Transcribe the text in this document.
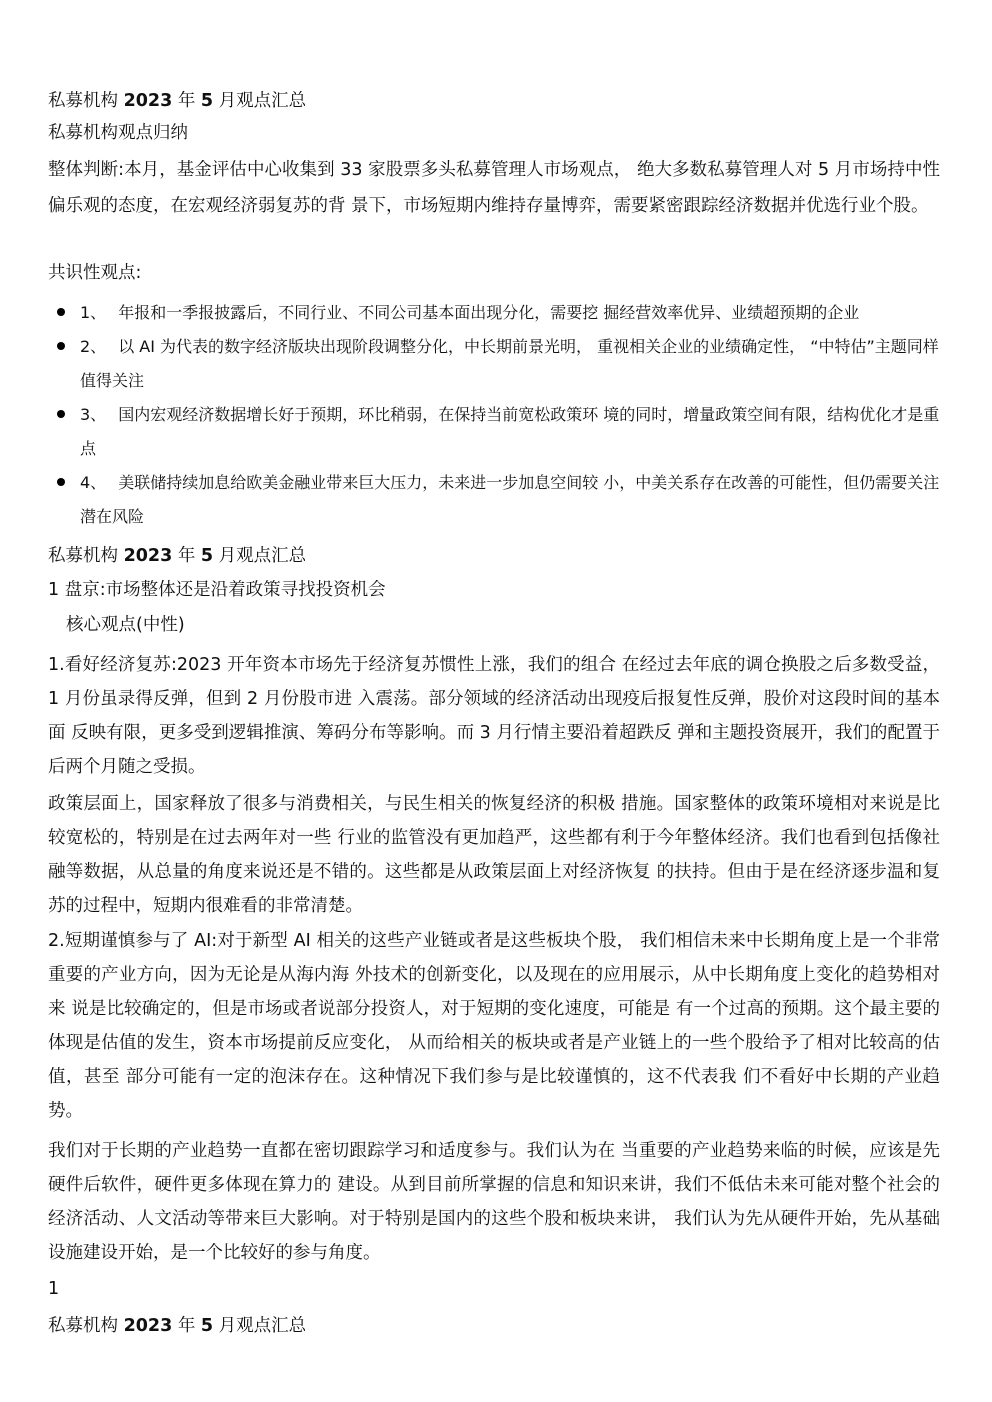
私募机构 2023 年 5 月观点汇总
私募机构观点归纳
整体判断:本月，基金评估中心收集到 33 家股票多头私募管理人市场观点， 绝大多数私募管理人对 5 月市场持中性偏乐观的态度，在宏观经济弱复苏的背 景下，市场短期内维持存量博弈，需要紧密跟踪经济数据并优选行业个股。
共识性观点:
1、 年报和一季报披露后，不同行业、不同公司基本面出现分化，需要挖 掘经营效率优异、业绩超预期的企业
2、 以 AI 为代表的数字经济版块出现阶段调整分化，中长期前景光明， 重视相关企业的业绩确定性， “中特估”主题同样值得关注
3、 国内宏观经济数据增长好于预期，环比稍弱，在保持当前宽松政策环 境的同时，增量政策空间有限，结构优化才是重点
4、 美联储持续加息给欧美金融业带来巨大压力，未来进一步加息空间较 小，中美关系存在改善的可能性，但仍需要关注潜在风险
私募机构 2023 年 5 月观点汇总
1 盘京:市场整体还是沿着政策寻找投资机会
核心观点(中性)
1.看好经济复苏:2023 开年资本市场先于经济复苏惯性上涨，我们的组合 在经过去年底的调仓换股之后多数受益，1 月份虽录得反弹，但到 2 月份股市进 入震荡。部分领域的经济活动出现疫后报复性反弹，股价对这段时间的基本面 反映有限，更多受到逻辑推演、筹码分布等影响。而 3 月行情主要沿着超跌反 弹和主题投资展开，我们的配置于后两个月随之受损。
政策层面上，国家释放了很多与消费相关，与民生相关的恢复经济的积极 措施。国家整体的政策环境相对来说是比较宽松的，特别是在过去两年对一些 行业的监管没有更加趋严，这些都有利于今年整体经济。我们也看到包括像社 融等数据，从总量的角度来说还是不错的。这些都是从政策层面上对经济恢复 的扶持。但由于是在经济逐步温和复苏的过程中，短期内很难看的非常清楚。
2.短期谨慎参与了 AI:对于新型 AI 相关的这些产业链或者是这些板块个股， 我们相信未来中长期角度上是一个非常重要的产业方向，因为无论是从海内海 外技术的创新变化，以及现在的应用展示，从中长期角度上变化的趋势相对来 说是比较确定的，但是市场或者说部分投资人，对于短期的变化速度，可能是 有一个过高的预期。这个最主要的体现是估值的发生，资本市场提前反应变化， 从而给相关的板块或者是产业链上的一些个股给予了相对比较高的估值，甚至 部分可能有一定的泡沫存在。这种情况下我们参与是比较谨慎的，这不代表我 们不看好中长期的产业趋势。
我们对于长期的产业趋势一直都在密切跟踪学习和适度参与。我们认为在 当重要的产业趋势来临的时候，应该是先硬件后软件，硬件更多体现在算力的 建设。从到目前所掌握的信息和知识来讲，我们不低估未来可能对整个社会的 经济活动、人文活动等带来巨大影响。对于特别是国内的这些个股和板块来讲， 我们认为先从硬件开始，先从基础设施建设开始，是一个比较好的参与角度。
1
私募机构 2023 年 5 月观点汇总
